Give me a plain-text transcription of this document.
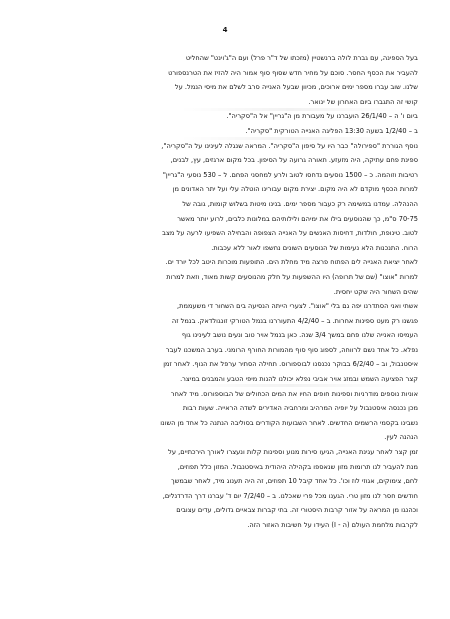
4
בעל הספינה, עם גברת לולה ברנשטיין (מזכתו של ד"ר פרל) ועם ה"ג'וינט" שהחליט
להעביר את הכסף החסר. סוכם על מחיר חדש שסוף סוף אמור היה להזיז את הטרנספורט
שלנו. שוב עברו מספר ימים ארוכים, מכיוון שבעל האנייה סרב לשלם את מיסי הנמל. על
קושי זה התגברו ביום האחרון של ינואר.
ביום ו' ה – 26/1/40 הועברנו על מעבורת מן ה"גריין" אל ה"סקריה".
ב – 1/2/40 בשעה 13:30 הפליגה האנייה הטורקית "סקריה".
נוסף הגוררת "ספירולה" כבר היו על סיפון ה"סקריה". המראה שנגלה לעינינו על ה"סקריה",
ספינת פחם עתיקה, היה מזעזע. תאורה גרועה על הסיפון. בכל מקום ארגזים, עץ, לבנים,
רטיבות וזוהמה. כ – 1500 נוסעים נדחסו לטוב ולרע למחסני הפחם. ל – 530 נוסעי ה"גריין"
למרות הכסף מוקדם לא היה מקום. יצירת מקום עבורינו הוטלה עלי ועל יתר האדונים מן
ההנהלה. עמדנו במשימה רק כעבור מספר ימים. בנינו מיטות בשלוש קומות, גובה של
70-75 ס"מ, כך שהנוסעים בילו את ימיהם ולילותיהם במלונות כלבים, לרוע יותר מאשר
לטוב. טינופת, חולדות, דחיסות האנשים על האנייה הצפופה והבחילה השפיעו לרעה על מצב
הרוח. התנכנות הלא נעימות של הנוסעים השונים נחשפו לאור ללא עכבות.
לאחר יציאת האנייה לים הפתוח פרצה מיד מחלת הים. התופעות מוכרות היטב לכל יורד ים.
למרות "אוצו" (שם של תרופה) היו ההשפעות על חלק מהנוסעים קשות מאוד, וזאת למרות
שהים השחור היה שקט יחסית.
אשתי ואני הסתדרנו יפה גם בלי "אוצו". לצערי הייתה הנסיעה בים השחור די משעממת,
פגשנו רק מעט ספינות אחרות. ב – 4/2/40 התעוררנו בנמל הטורקי זונגולדאק. בנמל זה
העמיסו האנייה שלנו פחם במשך 3/4 שנה. כאן בנמל אויר טוב ונעים נושב לעינינו גוף
נפלא. כל אחד נשם לרווחה, לספוג סוף סוף מהמורות החורף הרומני. בערב המשכנו לעבר
איסטנבול, וב – 6/2/40 בבוקר נכנסנו לבוספורוס. תחילה הסתיר ערפל את הנוף. לאחר זמן
קצר הפציעה השמש ובמזג אויר אביבי נפלא יכולנו להנות מיפי הטבע והמבנים במיצר.
אוניות נוספים מודרניות וספינות חופים החיו את המים הכחולים של הבוספורוס. מיד לאחר
מכן נכנסה איסטנבול על יופיה המרהיב ומרחביה האדירים לשדה הראייה. שעות רבות
נשבינו בקסמי הרשמים החדשים. לאחר השבועות הקודרים בסוליבה הנתנה כל אחד מן השונו
הנהנה לעין.
זמן קצר לאחר עגינת האנייה, הגיעו סירות מנוע וספינות קלות ונעצרו לאורך הירכתיים, על
מנת להעביר לנו תרומות מזון שנאספו בקהילה היהודית באיסטנבול. המזון כלל תפוזים,
לחם, צימוקים, אגוזי לוז וכו'. כל אחד קיבל 10 תפוזים, זה היה תענוג מיד, לאחר שבמשך
חודשים חסר לנו מזון טרי. הגענו מכל פרי שאכלנו. ב – 7/2/40 יום ד' עברנו דרך הדרדנלים,
וכהנגו מן המראה על אזור קרבות היסטורי זה. בתי קברות צבאיים גדולים, עדים עצובים
לקרבות מלחמת העולם (ה - I) העידו על חשיבות האזור הזה.
